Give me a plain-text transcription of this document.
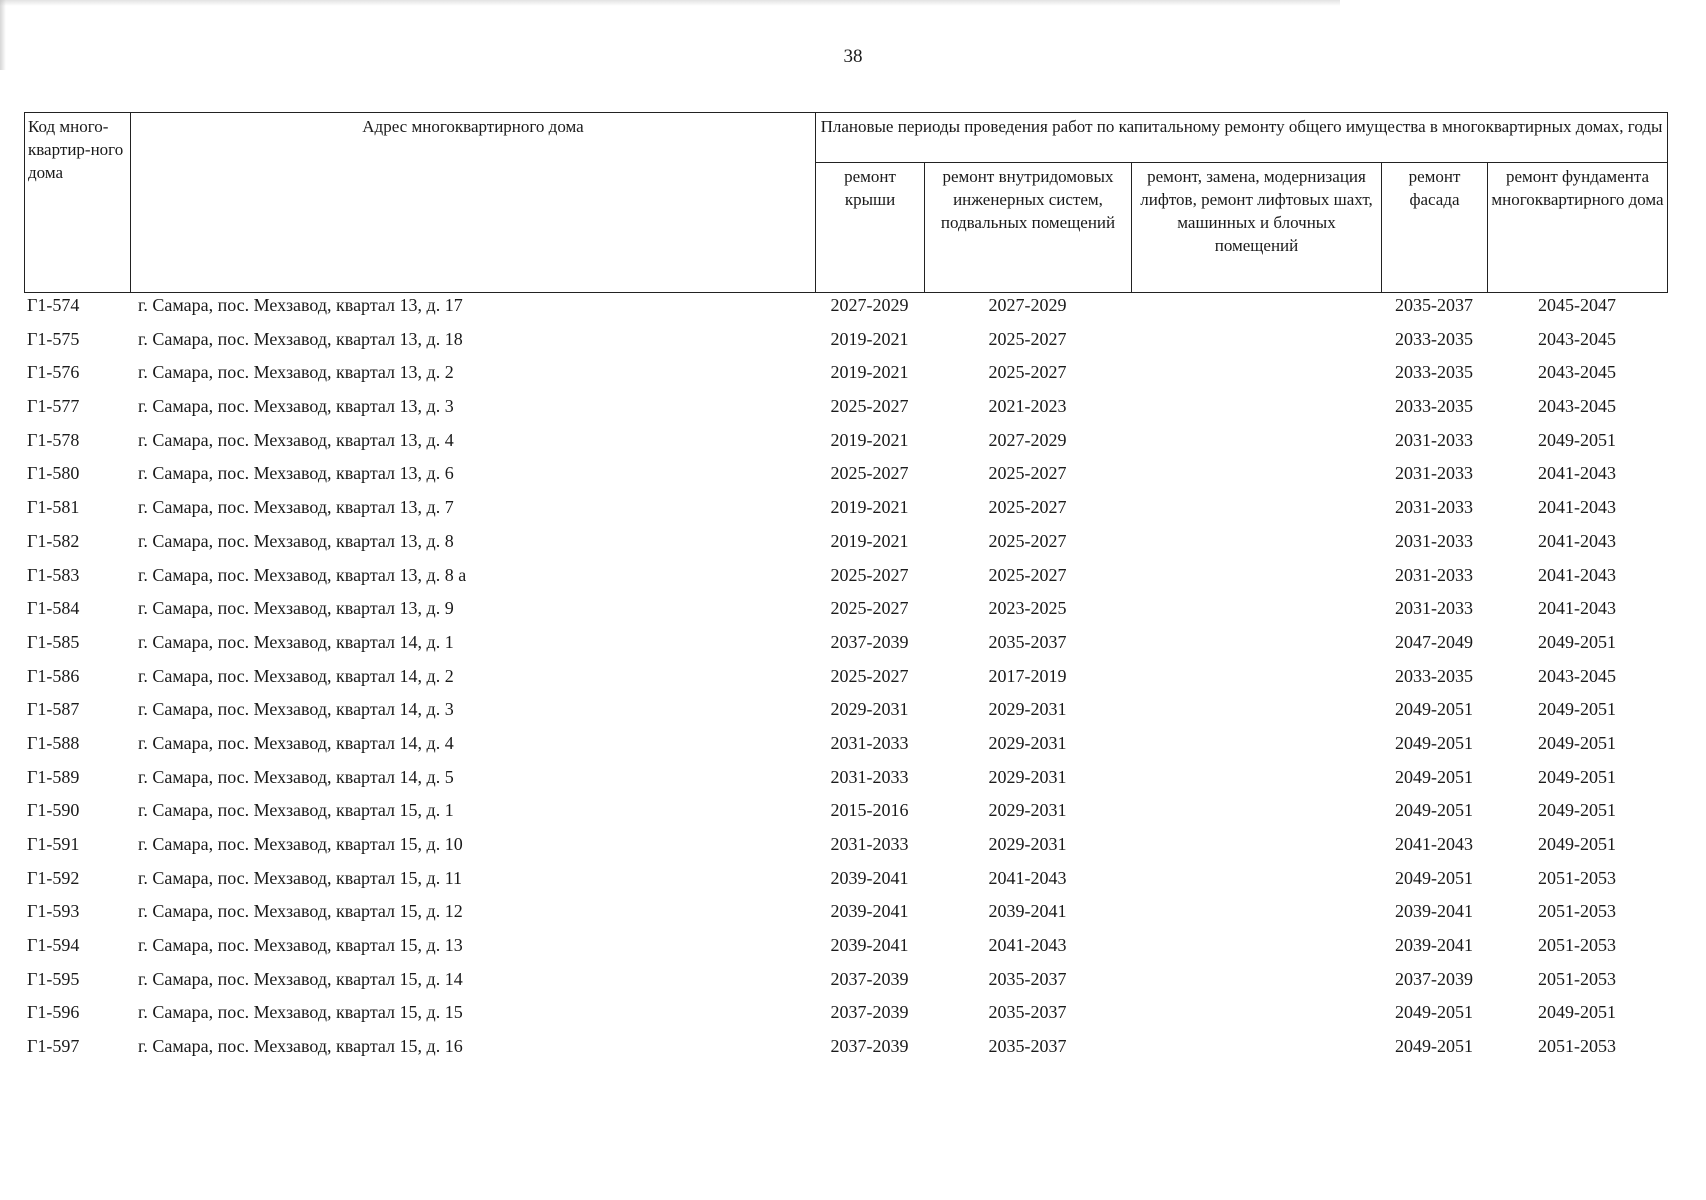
38
Код много-квартир-ного дома	Адрес многоквартирного дома	Плановые периоды проведения работ по капитальному ремонту общего имущества в многоквартирных домах, годы				
		ремонт крыши	ремонт внутридомовых инженерных систем, подвальных помещений	ремонт, замена, модернизация лифтов, ремонт лифтовых шахт, машинных и блочных помещений	ремонт фасада	ремонт фундамента многоквартирного дома
Г1-574	г. Самара, пос. Мехзавод, квартал 13, д. 17	2027-2029	2027-2029		2035-2037	2045-2047
Г1-575	г. Самара, пос. Мехзавод, квартал 13, д. 18	2019-2021	2025-2027		2033-2035	2043-2045
Г1-576	г. Самара, пос. Мехзавод, квартал 13, д. 2	2019-2021	2025-2027		2033-2035	2043-2045
Г1-577	г. Самара, пос. Мехзавод, квартал 13, д. 3	2025-2027	2021-2023		2033-2035	2043-2045
Г1-578	г. Самара, пос. Мехзавод, квартал 13, д. 4	2019-2021	2027-2029		2031-2033	2049-2051
Г1-580	г. Самара, пос. Мехзавод, квартал 13, д. 6	2025-2027	2025-2027		2031-2033	2041-2043
Г1-581	г. Самара, пос. Мехзавод, квартал 13, д. 7	2019-2021	2025-2027		2031-2033	2041-2043
Г1-582	г. Самара, пос. Мехзавод, квартал 13, д. 8	2019-2021	2025-2027		2031-2033	2041-2043
Г1-583	г. Самара, пос. Мехзавод, квартал 13, д. 8 а	2025-2027	2025-2027		2031-2033	2041-2043
Г1-584	г. Самара, пос. Мехзавод, квартал 13, д. 9	2025-2027	2023-2025		2031-2033	2041-2043
Г1-585	г. Самара, пос. Мехзавод, квартал 14, д. 1	2037-2039	2035-2037		2047-2049	2049-2051
Г1-586	г. Самара, пос. Мехзавод, квартал 14, д. 2	2025-2027	2017-2019		2033-2035	2043-2045
Г1-587	г. Самара, пос. Мехзавод, квартал 14, д. 3	2029-2031	2029-2031		2049-2051	2049-2051
Г1-588	г. Самара, пос. Мехзавод, квартал 14, д. 4	2031-2033	2029-2031		2049-2051	2049-2051
Г1-589	г. Самара, пос. Мехзавод, квартал 14, д. 5	2031-2033	2029-2031		2049-2051	2049-2051
Г1-590	г. Самара, пос. Мехзавод, квартал 15, д. 1	2015-2016	2029-2031		2049-2051	2049-2051
Г1-591	г. Самара, пос. Мехзавод, квартал 15, д. 10	2031-2033	2029-2031		2041-2043	2049-2051
Г1-592	г. Самара, пос. Мехзавод, квартал 15, д. 11	2039-2041	2041-2043		2049-2051	2051-2053
Г1-593	г. Самара, пос. Мехзавод, квартал 15, д. 12	2039-2041	2039-2041		2039-2041	2051-2053
Г1-594	г. Самара, пос. Мехзавод, квартал 15, д. 13	2039-2041	2041-2043		2039-2041	2051-2053
Г1-595	г. Самара, пос. Мехзавод, квартал 15, д. 14	2037-2039	2035-2037		2037-2039	2051-2053
Г1-596	г. Самара, пос. Мехзавод, квартал 15, д. 15	2037-2039	2035-2037		2049-2051	2049-2051
Г1-597	г. Самара, пос. Мехзавод, квартал 15, д. 16	2037-2039	2035-2037		2049-2051	2051-2053
